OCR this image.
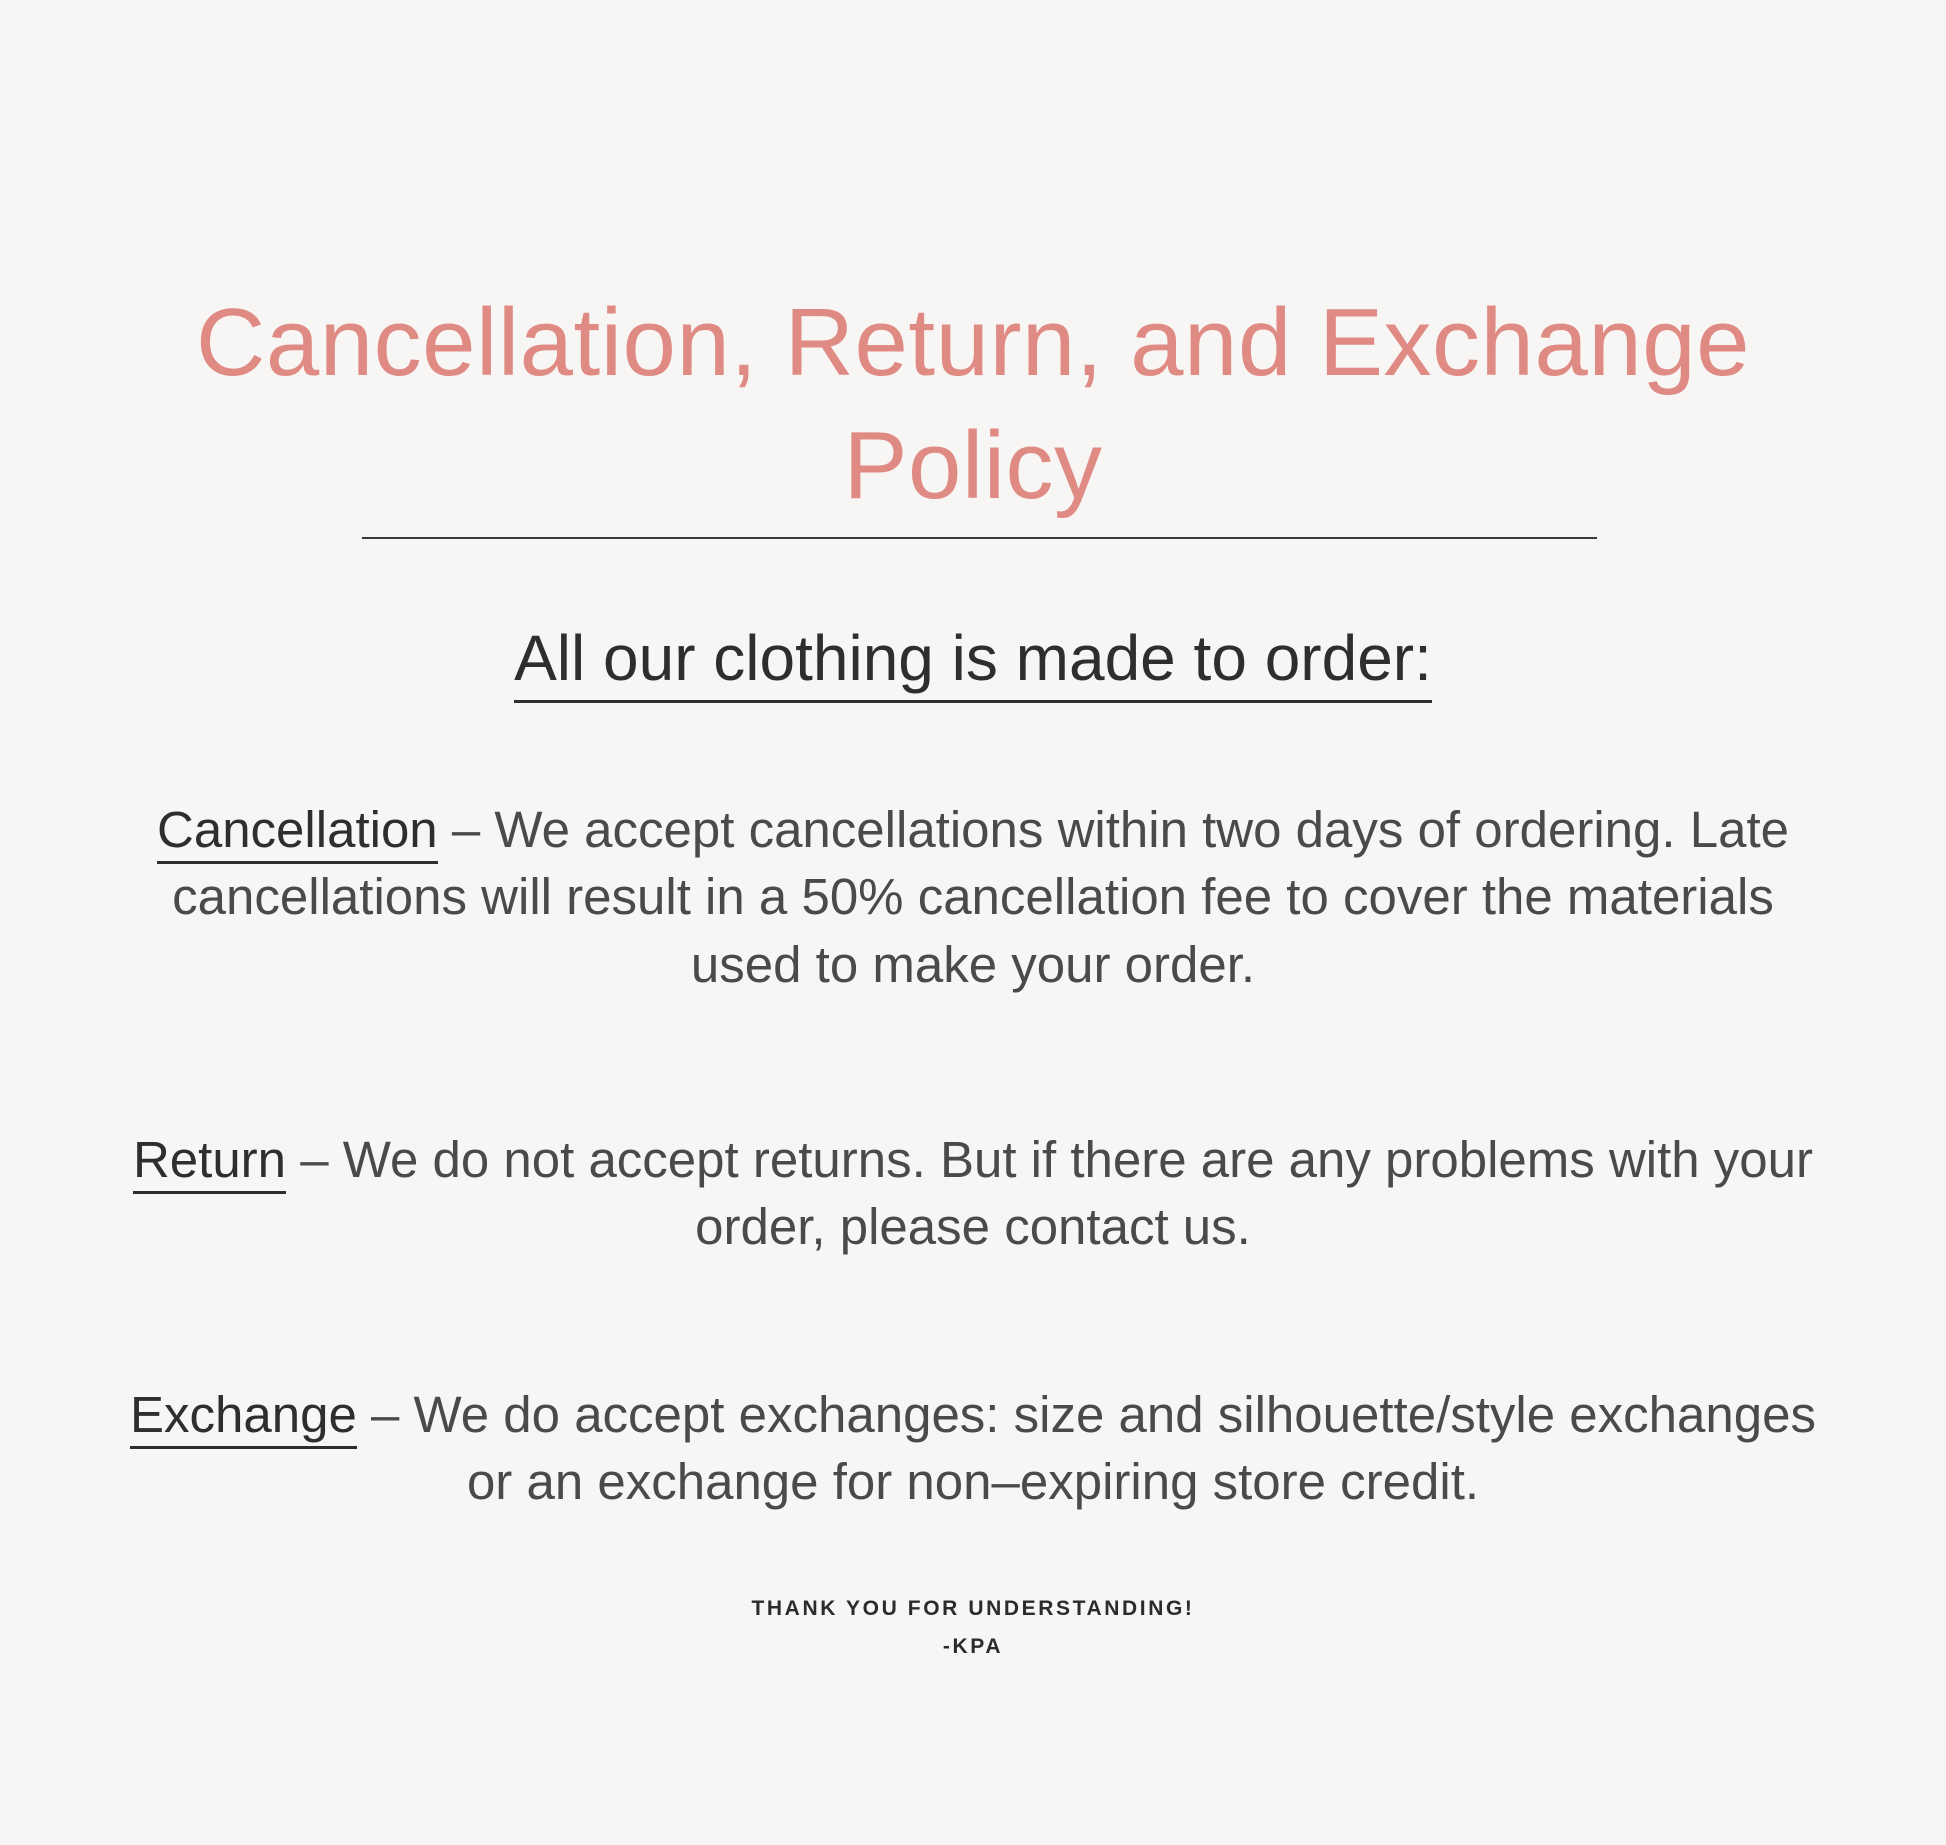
Cancellation, Return, and Exchange Policy
All our clothing is made to order:

Cancellation – We accept cancellations within two days of ordering. Late cancellations will result in a 50% cancellation fee to cover the materials used to make your order.

Return – We do not accept returns. But if there are any problems with your order, please contact us.

Exchange – We do accept exchanges: size and silhouette/style exchanges or an exchange for non–expiring store credit.

THANK YOU FOR UNDERSTANDING!
-KPA
